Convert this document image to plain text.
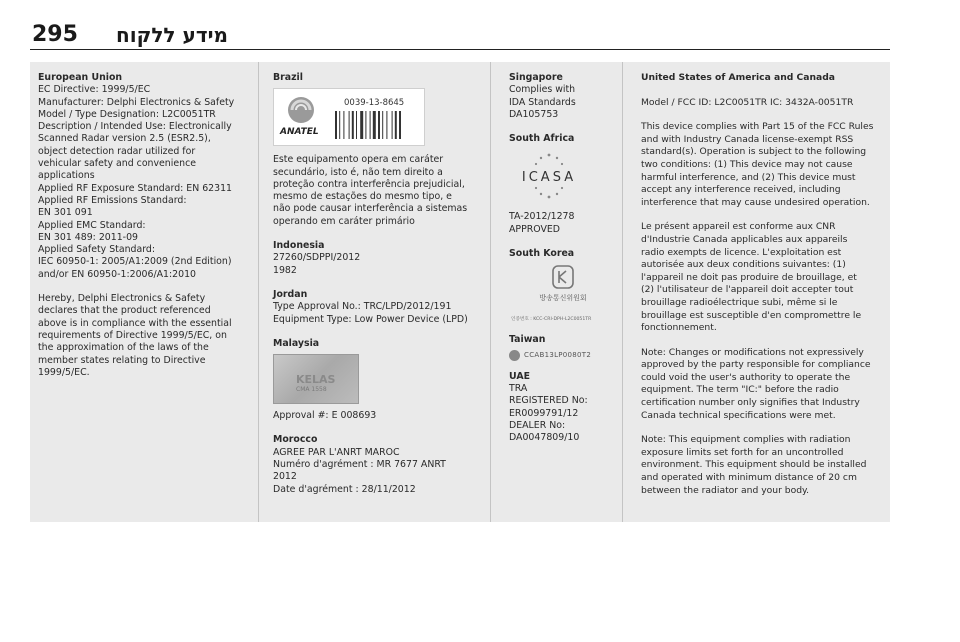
295 מידע ללקוח
European Union
EC Directive: 1999/5/EC
Manufacturer: Delphi Electronics & Safety
Model / Type Designation: L2C0051TR
Description / Intended Use: Electronically
Scanned Radar version 2.5 (ESR2.5),
object detection radar utilized for
vehicular safety and convenience
applications
Applied RF Exposure Standard: EN 62311
Applied RF Emissions Standard:
EN 301 091
Applied EMC Standard:
EN 301 489: 2011-09
Applied Safety Standard:
IEC 60950-1: 2005/A1:2009 (2nd Edition)
and/or EN 60950-1:2006/A1:2010
Hereby, Delphi Electronics & Safety
declares that the product referenced
above is in compliance with the essential
requirements of Directive 1999/5/EC, on
the approximation of the laws of the
member states relating to Directive
1999/5/EC.
Brazil
ANATEL
0039-13-8645
Este equipamento opera em caráter
secundário, isto é, não tem direito a
proteção contra interferência prejudicial,
mesmo de estações do mesmo tipo, e
não pode causar interferência a sistemas
operando em caráter primário
Indonesia
27260/SDPPI/2012
1982
Jordan
Type Approval No.: TRC/LPD/2012/191
Equipment Type: Low Power Device (LPD)
Malaysia
KELAS
CMA 1558
Approval #: E 008693
Morocco
AGREE PAR L'ANRT MAROC
Numéro d'agrément : MR 7677 ANRT
2012
Date d'agrément : 28/11/2012
Singapore
Complies with
IDA Standards
DA105753
South Africa
ICASA
TA-2012/1278
APPROVED
South Korea
방송통신위원회
인증번호 : KCC-CRI-DPH-L2C0051TR
Taiwan
CCAB13LP0080T2
UAE
TRA
REGISTERED No:
ER0099791/12
DEALER No:
DA0047809/10
United States of America and Canada
Model / FCC ID: L2C0051TR IC: 3432A-0051TR
This device complies with Part 15 of the FCC Rules
and with Industry Canada license-exempt RSS
standard(s). Operation is subject to the following
two conditions: (1) This device may not cause
harmful interference, and (2) This device must
accept any interference received, including
interference that may cause undesired operation.
Le présent appareil est conforme aux CNR
d'Industrie Canada applicables aux appareils
radio exempts de licence. L'exploitation est
autorisée aux deux conditions suivantes: (1)
l'appareil ne doit pas produire de brouillage, et
(2) l'utilisateur de l'appareil doit accepter tout
brouillage radioélectrique subi, même si le
brouillage est susceptible d'en compromettre le
fonctionnement.
Note: Changes or modifications not expressively
approved by the party responsible for compliance
could void the user's authority to operate the
equipment. The term "IC:" before the radio
certification number only signifies that Industry
Canada technical specifications were met.
Note: This equipment complies with radiation
exposure limits set forth for an uncontrolled
environment. This equipment should be installed
and operated with minimum distance of 20 cm
between the radiator and your body.
